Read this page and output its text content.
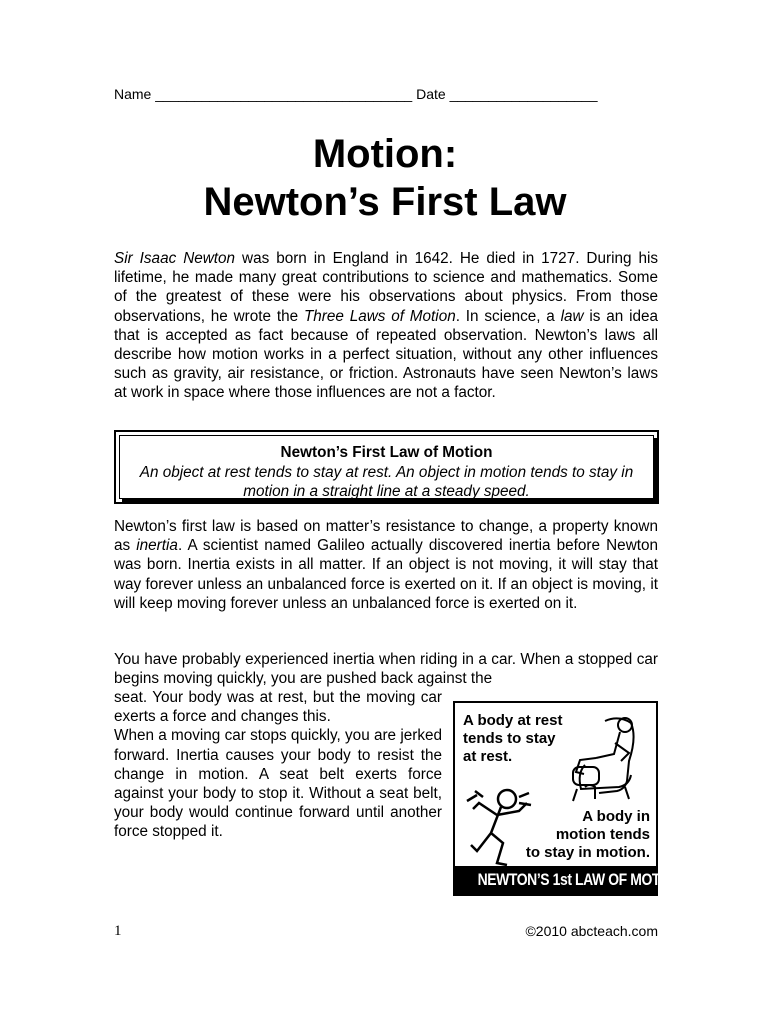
Name _________________________________ Date ___________________
Motion:
Newton’s First Law

Sir Isaac Newton was born in England in 1642. He died in 1727. During his lifetime, he made many great contributions to science and mathematics. Some of the greatest of these were his observations about physics. From those observations, he wrote the Three Laws of Motion. In science, a law is an idea that is accepted as fact because of repeated observation. Newton’s laws all describe how motion works in a perfect situation, without any other influences such as gravity, air resistance, or friction. Astronauts have seen Newton’s laws at work in space where those influences are not a factor.

Newton’s First Law of Motion
An object at rest tends to stay at rest. An object in motion tends to stay in motion in a straight line at a steady speed.

Newton’s first law is based on matter’s resistance to change, a property known as inertia. A scientist named Galileo actually discovered inertia before Newton was born. Inertia exists in all matter. If an object is not moving, it will stay that way forever unless an unbalanced force is exerted on it. If an object is moving, it will keep moving forever unless an unbalanced force is exerted on it.

You have probably experienced inertia when riding in a car. When a stopped car begins moving quickly, you are pushed back against the

seat. Your body was at rest, but the moving car exerts a force and changes this.

When a moving car stops quickly, you are jerked forward. Inertia causes your body to resist the change in motion. A seat belt exerts force against your body to stop it. Without a seat belt, your body would continue forward until another force stopped it.

A body at rest
tends to stay
at rest.
A body in
motion tends
to stay in motion.
NEWTON’S 1st LAW OF MOTION
1	©2010 abcteach.com
